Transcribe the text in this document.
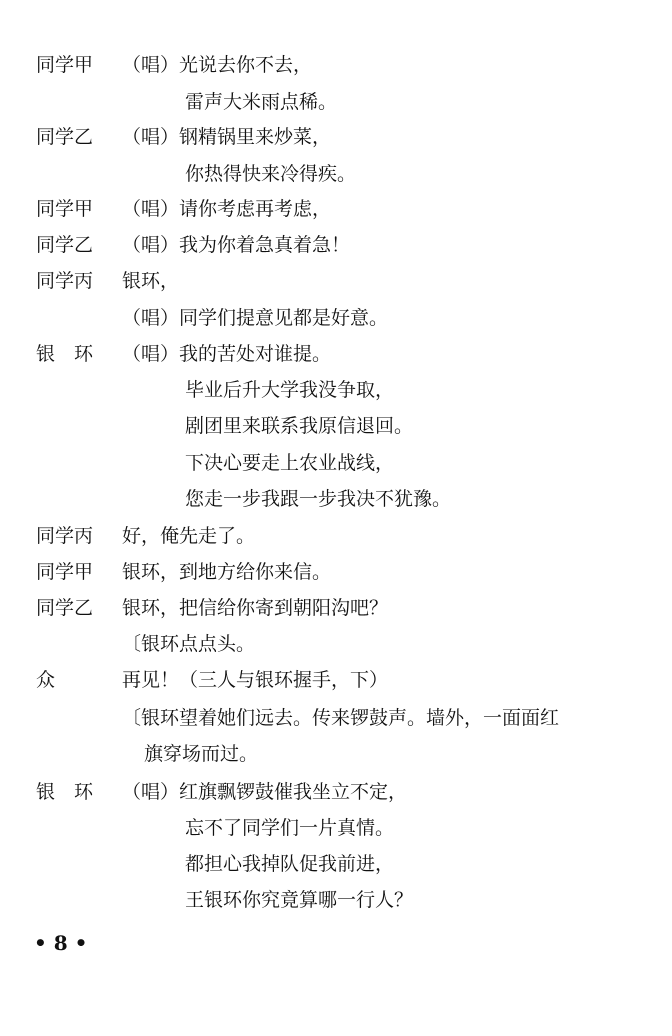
同学甲 （唱）光说去你不去，
雷声大米雨点稀。
同学乙 （唱）钢精锅里来炒菜，
你热得快来冷得疾。
同学甲 （唱）请你考虑再考虑，
同学乙 （唱）我为你着急真着急！
同学丙 银环，
（唱）同学们提意见都是好意。
银　环 （唱）我的苦处对谁提。
毕业后升大学我没争取，
剧团里来联系我原信退回。
下决心要走上农业战线，
您走一步我跟一步我决不犹豫。
同学丙 好，俺先走了。
同学甲 银环，到地方给你来信。
同学乙 银环，把信给你寄到朝阳沟吧？
〔银环点点头。
众	再见！（三人与银环握手，下）
〔银环望着她们远去。传来锣鼓声。墙外，一面面红
旗穿场而过。
银　环 （唱）红旗飘锣鼓催我坐立不定，
忘不了同学们一片真情。
都担心我掉队促我前进，
王银环你究竟算哪一行人？
• 8 •
